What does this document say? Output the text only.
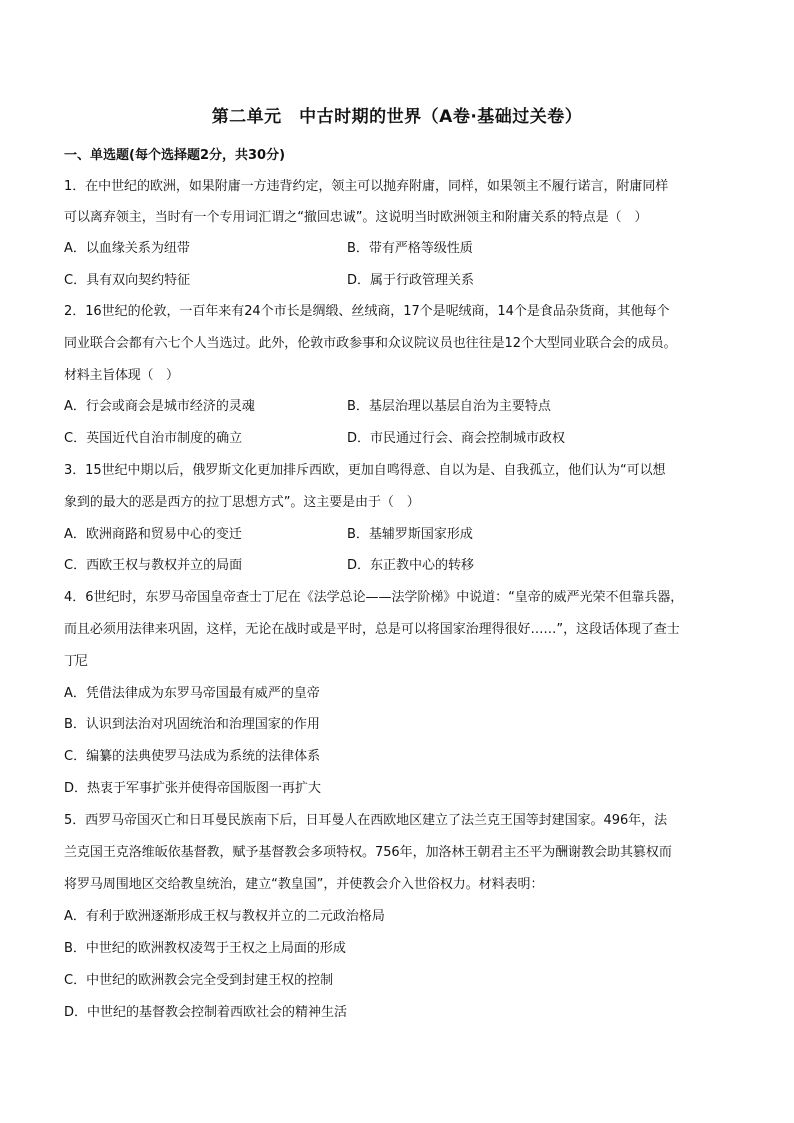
第二单元　中古时期的世界（A卷·基础过关卷）
一、单选题(每个选择题2分，共30分)
1．在中世纪的欧洲，如果附庸一方违背约定，领主可以抛弃附庸，同样，如果领主不履行诺言，附庸同样
可以离弃领主，当时有一个专用词汇谓之“撤回忠诚”。这说明当时欧洲领主和附庸关系的特点是（　）
A．以血缘关系为纽带	B．带有严格等级性质
C．具有双向契约特征	D．属于行政管理关系
2．16世纪的伦敦，一百年来有24个市长是绸缎、丝绒商，17个是呢绒商，14个是食品杂货商，其他每个
同业联合会都有六七个人当选过。此外，伦敦市政参事和众议院议员也往往是12个大型同业联合会的成员。
材料主旨体现（　）
A．行会或商会是城市经济的灵魂	B．基层治理以基层自治为主要特点
C．英国近代自治市制度的确立	D．市民通过行会、商会控制城市政权
3．15世纪中期以后，俄罗斯文化更加排斥西欧，更加自鸣得意、自以为是、自我孤立，他们认为“可以想
象到的最大的恶是西方的拉丁思想方式”。这主要是由于（　）
A．欧洲商路和贸易中心的变迁	B．基辅罗斯国家形成
C．西欧王权与教权并立的局面	D．东正教中心的转移
4．6世纪时，东罗马帝国皇帝查士丁尼在《法学总论——法学阶梯》中说道：“皇帝的威严光荣不但靠兵器，
而且必须用法律来巩固，这样，无论在战时或是平时，总是可以将国家治理得很好……”，这段话体现了查士
丁尼
A．凭借法律成为东罗马帝国最有威严的皇帝
B．认识到法治对巩固统治和治理国家的作用
C．编纂的法典使罗马法成为系统的法律体系
D．热衷于军事扩张并使得帝国版图一再扩大
5．西罗马帝国灭亡和日耳曼民族南下后，日耳曼人在西欧地区建立了法兰克王国等封建国家。496年，法
兰克国王克洛维皈依基督教，赋予基督教会多项特权。756年，加洛林王朝君主丕平为酬谢教会助其篡权而
将罗马周围地区交给教皇统治，建立“教皇国”，并使教会介入世俗权力。材料表明：
A．有利于欧洲逐渐形成王权与教权并立的二元政治格局
B．中世纪的欧洲教权凌驾于王权之上局面的形成
C．中世纪的欧洲教会完全受到封建王权的控制
D．中世纪的基督教会控制着西欧社会的精神生活
